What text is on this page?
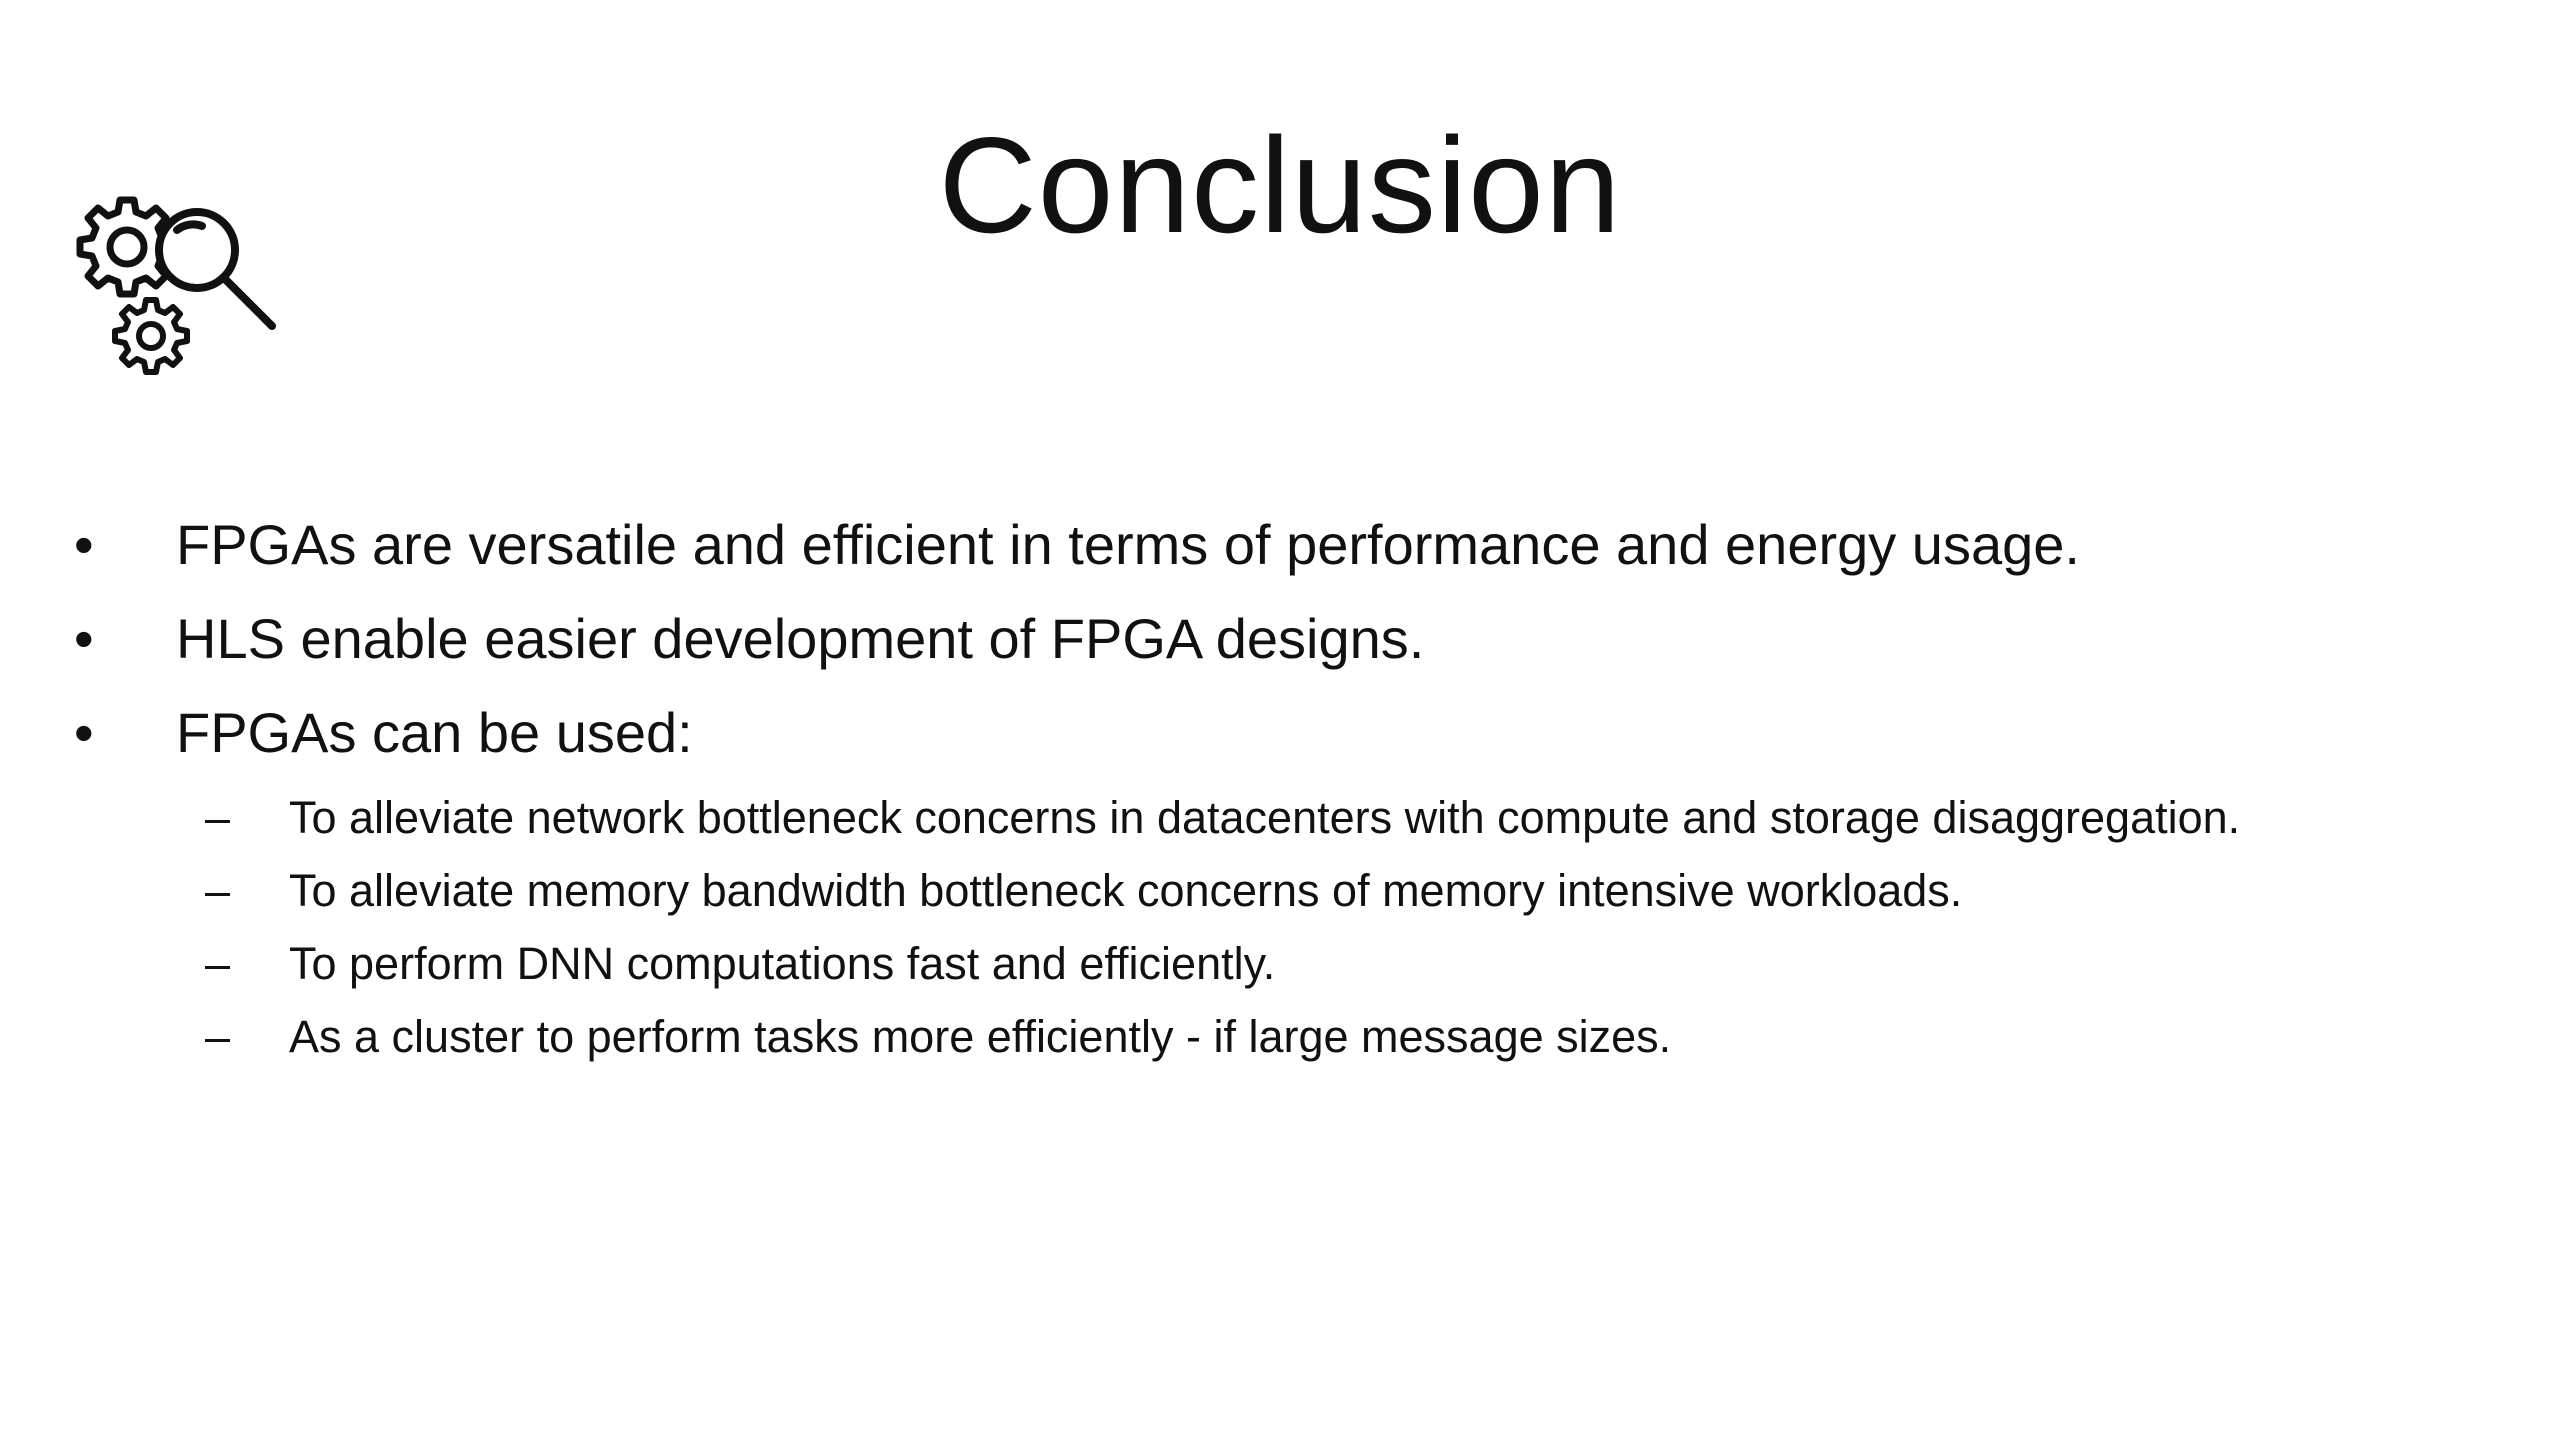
Conclusion
• FPGAs are versatile and efficient in terms of performance and energy usage.
• HLS enable easier development of FPGA designs.
• FPGAs can be used:
– To alleviate network bottleneck concerns in datacenters with compute and storage disaggregation.
– To alleviate memory bandwidth bottleneck concerns of memory intensive workloads.
– To perform DNN computations fast and efficiently.
– As a cluster to perform tasks more efficiently - if large message sizes.
